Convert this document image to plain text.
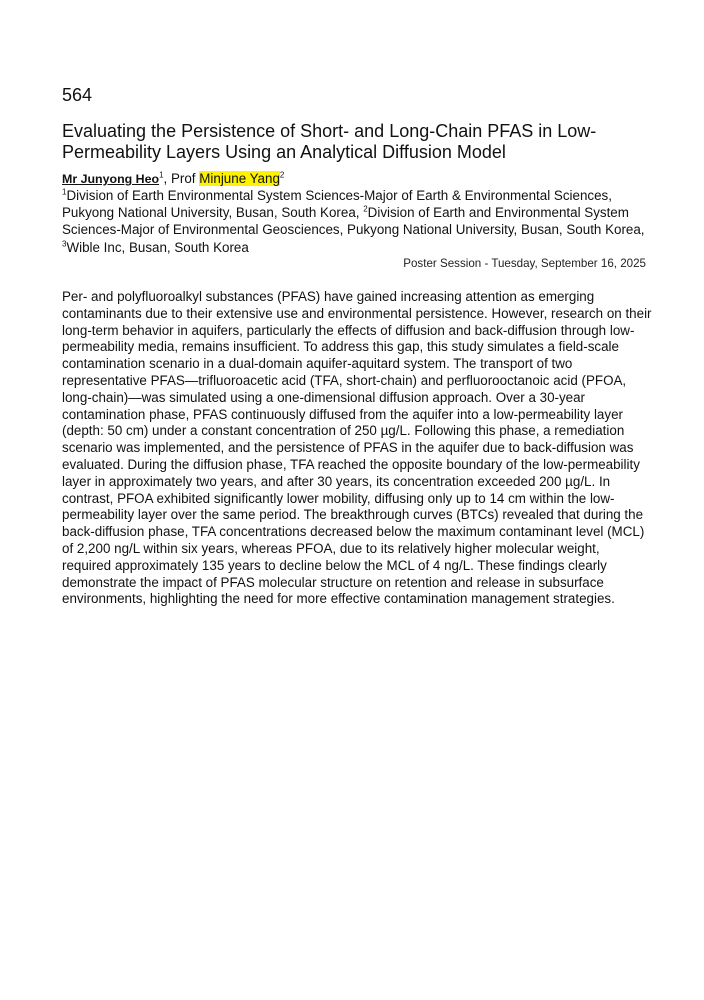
564
Evaluating the Persistence of Short- and Long-Chain PFAS in Low-Permeability Layers Using an Analytical Diffusion Model
Mr Junyong Heo$^1$, Prof Minjune Yang$^2$
$^1$Division of Earth Environmental System Sciences-Major of Earth & Environmental Sciences, Pukyong National University, Busan, South Korea, $^2$Division of Earth and Environmental System Sciences-Major of Environmental Geosciences, Pukyong National University, Busan, South Korea, $^3$Wible Inc, Busan, South Korea
Poster Session - Tuesday, September 16, 2025

Per- and polyfluoroalkyl substances (PFAS) have gained increasing attention as emerging contaminants due to their extensive use and environmental persistence. However, research on their long-term behavior in aquifers, particularly the effects of diffusion and back-diffusion through low-permeability media, remains insufficient. To address this gap, this study simulates a field-scale contamination scenario in a dual-domain aquifer-aquitard system. The transport of two representative PFAS—trifluoroacetic acid (TFA, short-chain) and perfluorooctanoic acid (PFOA, long-chain)—was simulated using a one-dimensional diffusion approach. Over a 30-year contamination phase, PFAS continuously diffused from the aquifer into a low-permeability layer (depth: 50 cm) under a constant concentration of 250 µg/L. Following this phase, a remediation scenario was implemented, and the persistence of PFAS in the aquifer due to back-diffusion was evaluated. During the diffusion phase, TFA reached the opposite boundary of the low-permeability layer in approximately two years, and after 30 years, its concentration exceeded 200 µg/L. In contrast, PFOA exhibited significantly lower mobility, diffusing only up to 14 cm within the low-permeability layer over the same period. The breakthrough curves (BTCs) revealed that during the back-diffusion phase, TFA concentrations decreased below the maximum contaminant level (MCL) of 2,200 ng/L within six years, whereas PFOA, due to its relatively higher molecular weight, required approximately 135 years to decline below the MCL of 4 ng/L. These findings clearly demonstrate the impact of PFAS molecular structure on retention and release in subsurface environments, highlighting the need for more effective contamination management strategies.
